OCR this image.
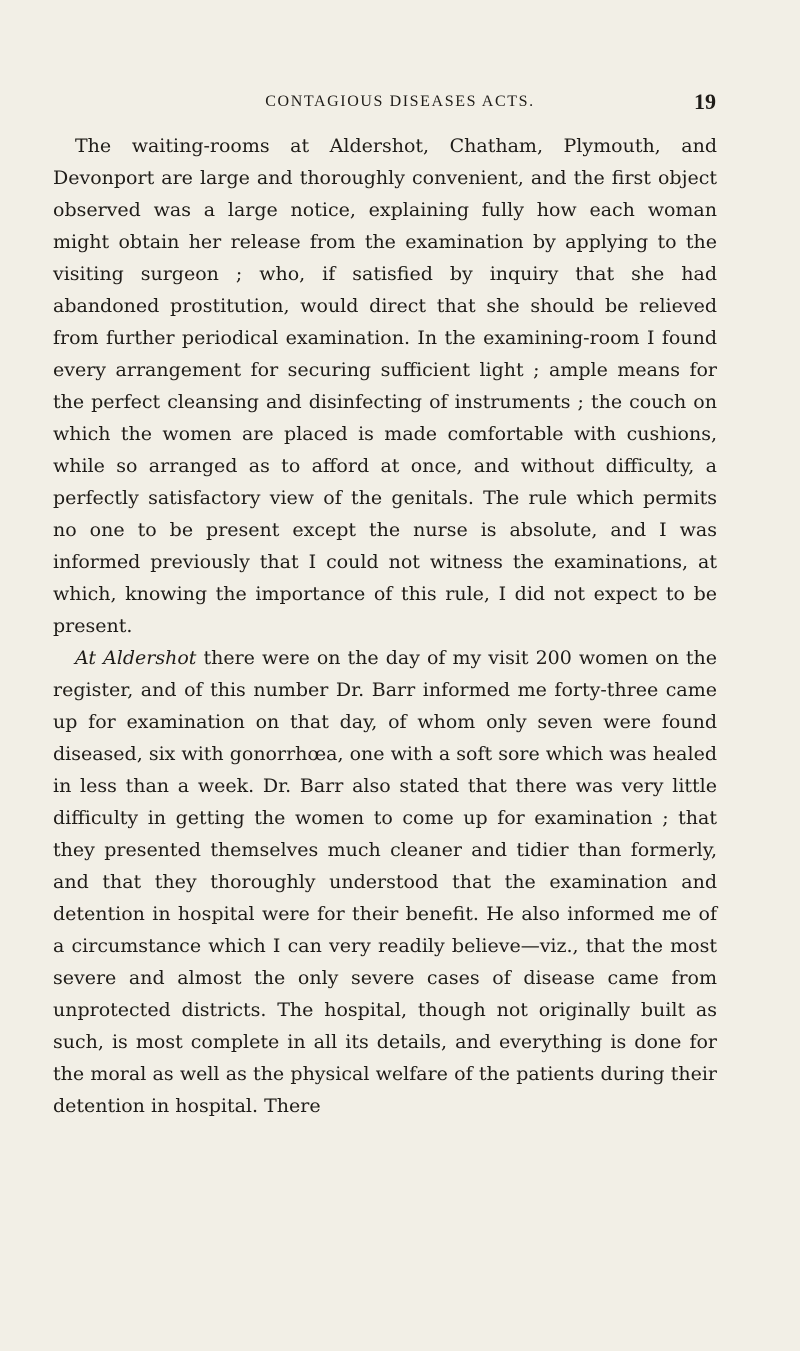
CONTAGIOUS DISEASES ACTS.	19

The waiting-rooms at Aldershot, Chatham, Plymouth, and Devonport are large and thoroughly convenient, and the first object observed was a large notice, explaining fully how each woman might obtain her release from the examination by applying to the visiting surgeon ; who, if satisfied by inquiry that she had abandoned prostitution, would direct that she should be relieved from further periodical examination. In the examining-room I found every arrangement for securing sufficient light ; ample means for the perfect cleansing and disinfecting of instruments ; the couch on which the women are placed is made comfortable with cushions, while so arranged as to afford at once, and without difficulty, a perfectly satisfactory view of the genitals. The rule which permits no one to be present except the nurse is absolute, and I was informed previously that I could not witness the examinations, at which, knowing the importance of this rule, I did not expect to be present.

At Aldershot there were on the day of my visit 200 women on the register, and of this number Dr. Barr informed me forty-three came up for examination on that day, of whom only seven were found diseased, six with gonorrhœa, one with a soft sore which was healed in less than a week. Dr. Barr also stated that there was very little difficulty in getting the women to come up for examination ; that they presented themselves much cleaner and tidier than formerly, and that they thoroughly understood that the examination and detention in hospital were for their benefit. He also informed me of a circumstance which I can very readily believe—viz., that the most severe and almost the only severe cases of disease came from unprotected districts. The hospital, though not originally built as such, is most complete in all its details, and everything is done for the moral as well as the physical welfare of the patients during their detention in hospital. There
